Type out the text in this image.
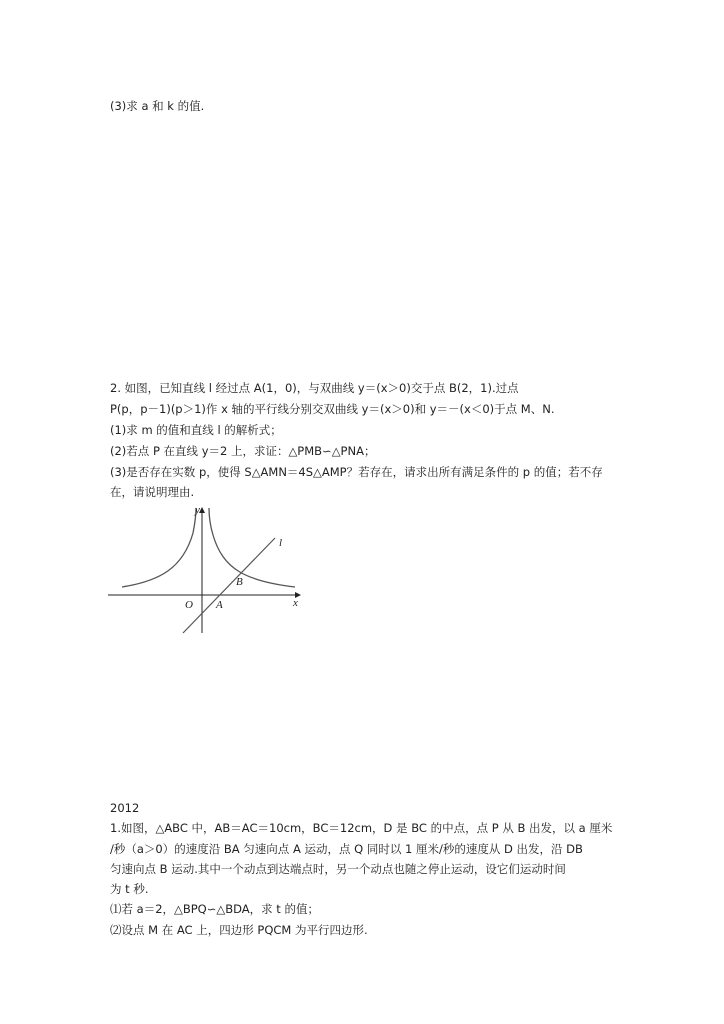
(3)求 a 和 k 的值.
2. 如图，已知直线 l 经过点 A(1，0)，与双曲线 y＝(x＞0)交于点 B(2，1).过点
P(p，p－1)(p＞1)作 x 轴的平行线分别交双曲线 y＝(x＞0)和 y＝－(x＜0)于点 M、N.
(1)求 m 的值和直线 l 的解析式；
(2)若点 P 在直线 y＝2 上，求证：△PMB∽△PNA；
(3)是否存在实数 p，使得 S△AMN＝4S△AMP？若存在，请求出所有满足条件的 p 的值；若不存
在，请说明理由.
y
l
B
O A	x
2012
1.如图，△ABC 中，AB＝AC＝10cm，BC＝12cm，D 是 BC 的中点，点 P 从 B 出发，以 a 厘米
/秒（a＞0）的速度沿 BA 匀速向点 A 运动，点 Q 同时以 1 厘米/秒的速度从 D 出发，沿 DB
匀速向点 B 运动.其中一个动点到达端点时，另一个动点也随之停止运动，设它们运动时间
为 t 秒.
⑴若 a＝2，△BPQ∽△BDA，求 t 的值；
⑵设点 M 在 AC 上，四边形 PQCM 为平行四边形.
